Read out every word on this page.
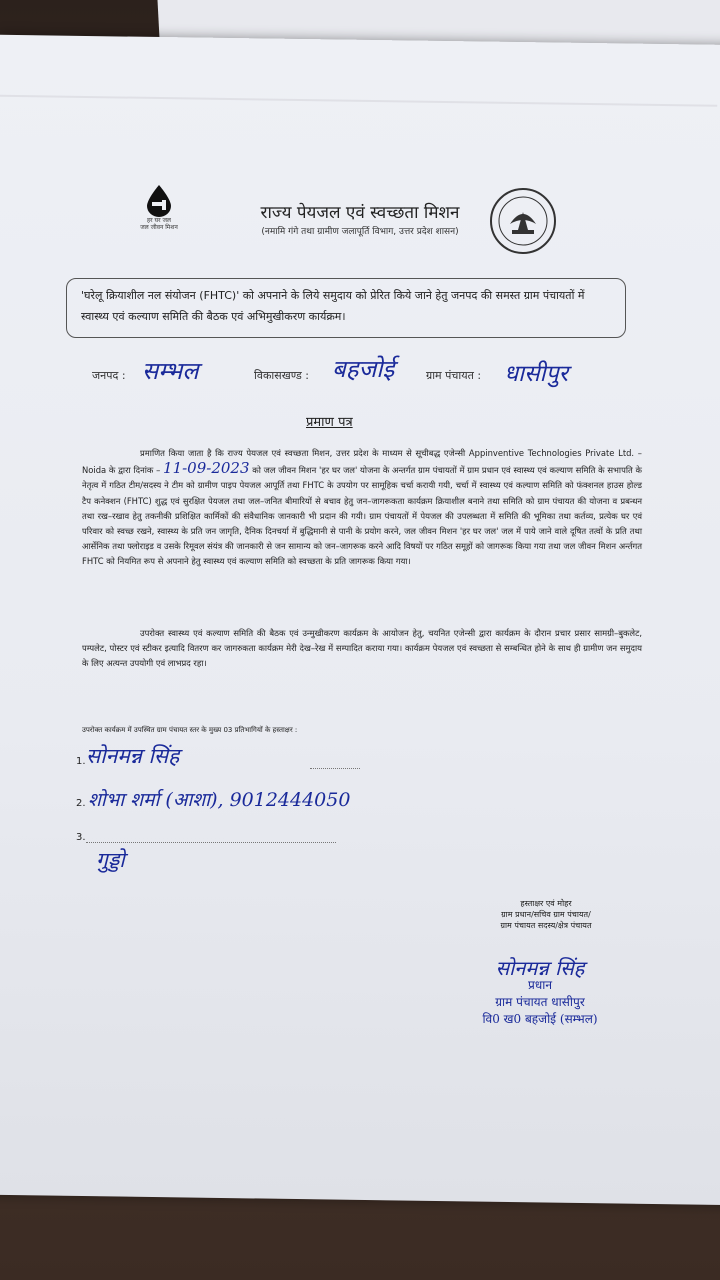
हर घर जल
जल जीवन मिशन
राज्य पेयजल एवं स्वच्छता मिशन
(नमामि गंगे तथा ग्रामीण जलापूर्ति विभाग, उत्तर प्रदेश शासन)
'घरेलू क्रियाशील नल संयोजन (FHTC)' को अपनाने के लिये समुदाय को प्रेरित किये जाने हेतु जनपद की समस्त ग्राम पंचायतों में स्वास्थ्य एवं कल्याण समिति की बैठक एवं अभिमुखीकरण कार्यक्रम।
जनपद : सम्भल	विकासखण्ड : बहजोई	ग्राम पंचायत : धासीपुर
प्रमाण पत्र
प्रमाणित किया जाता है कि राज्य पेयजल एवं स्वच्छता मिशन, उत्तर प्रदेश के माध्यम से सूचीबद्ध एजेन्सी Appinventive Technologies Private Ltd. – Noida के द्वारा दिनांक – 11-09-2023 को जल जीवन मिशन 'हर घर जल' योजना के अन्तर्गत ग्राम पंचायतों में ग्राम प्रधान एवं स्वास्थ्य एवं कल्याण समिति के सभापति के नेतृत्व में गठित टीम/सदस्य ने टीम को ग्रामीण पाइप पेयजल आपूर्ति तथा FHTC के उपयोग पर सामूहिक चर्चा करायी गयी, चर्चा में स्वास्थ्य एवं कल्याण समिति को फंक्शनल हाउस होल्ड टैप कनेक्शन (FHTC) शुद्ध एवं सुरक्षित पेयजल तथा जल–जनित बीमारियों से बचाव हेतु जन–जागरूकता कार्यक्रम क्रियाशील बनाने तथा समिति को ग्राम पंचायत की योजना व प्रबन्धन तथा रख–रखाव हेतु तकनीकी प्रशिक्षित कार्मिकों की संवैधानिक जानकारी भी प्रदान की गयी। ग्राम पंचायतों में पेयजल की उपलब्धता में समिति की भूमिका तथा कर्तव्य, प्रत्येक घर एवं परिवार को स्वच्छ रखने, स्वास्थ्य के प्रति जन जागृति, दैनिक दिनचर्या में बुद्धिमानी से पानी के प्रयोग करने, जल जीवन मिशन 'हर घर जल' जल में पाये जाने वाले दूषित तत्वों के प्रति तथा आर्सेनिक तथा फ्लोराइड व उसके रिमूवल संयंत्र की जानकारी से जन सामान्य को जन–जागरूक करने आदि विषयों पर गठित समूहों को जागरूक किया गया तथा जल जीवन मिशन अर्न्तगत FHTC को नियमित रूप से अपनाने हेतु स्वास्थ्य एवं कल्याण समिति को स्वच्छता के प्रति जागरूक किया गया।
उपरोक्त स्वास्थ्य एवं कल्याण समिति की बैठक एवं उन्मुखीकरण कार्यक्रम के आयोजन हेतु, चयनित एजेन्सी द्वारा कार्यक्रम के दौरान प्रचार प्रसार सामग्री–बुकलेट, पम्पलेट, पोस्टर एवं स्टीकर इत्यादि वितरण कर जागरुकता कार्यक्रम मेरी देख–रेख में सम्पादित कराया गया। कार्यक्रम पेयजल एवं स्वच्छता से सम्बन्धित होने के साथ ही ग्रामीण जन समुदाय के लिए अत्यन्त उपयोगी एवं लाभप्रद रहा।
उपरोक्त कार्यक्रम में उपस्थित ग्राम पंचायत स्तर के मुख्य 03 प्रतिभागियों के हस्ताक्षर :
1. सोनमन्न सिंह
2. शोभा शर्मा (आशा), 9012444050
3.
गुड्डो
हस्ताक्षर एवं मोहर
ग्राम प्रधान/सचिव ग्राम पंचायत/
ग्राम पंचायत सदस्य/क्षेत्र पंचायत
सोनमन्न सिंह
प्रधान
ग्राम पंचायत धासीपुर
वि0 ख0 बहजोई (सम्भल)
